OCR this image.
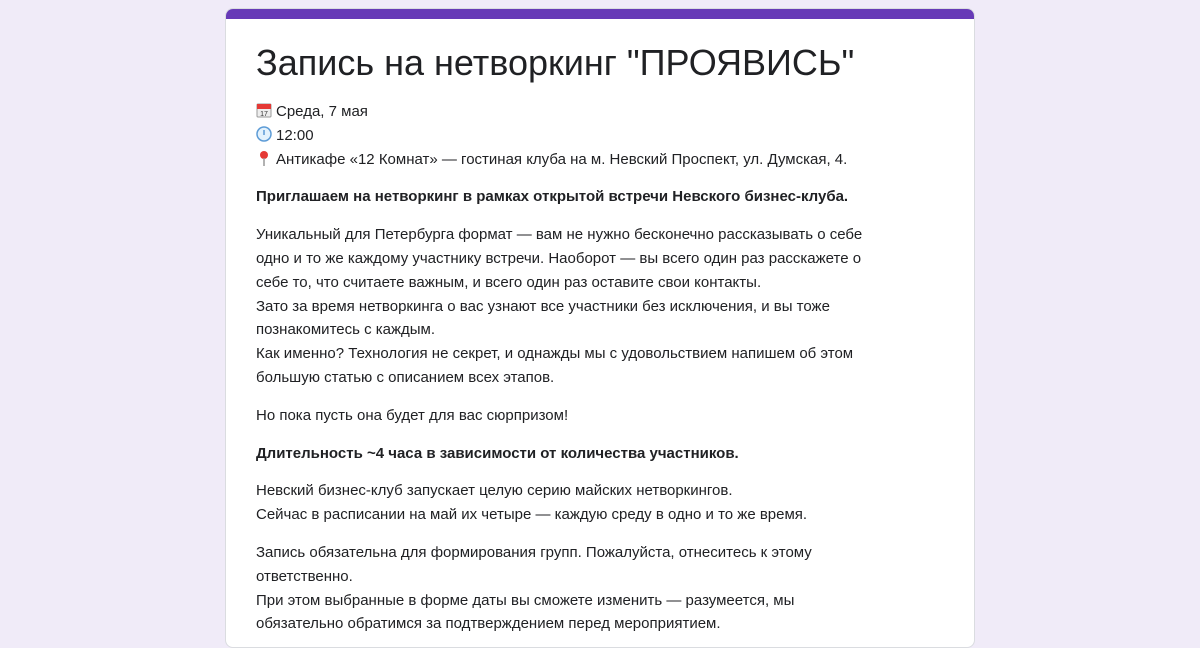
Запись на нетворкинг "ПРОЯВИСЬ"
17 Среда, 7 мая
12:00
Антикафе «12 Комнат» — гостиная клуба на м. Невский Проспект, ул. Думская, 4.
Приглашаем на нетворкинг в рамках открытой встречи Невского бизнес-клуба.
Уникальный для Петербурга формат — вам не нужно бесконечно рассказывать о себе
одно и то же каждому участнику встречи. Наоборот — вы всего один раз расскажете о
себе то, что считаете важным, и всего один раз оставите свои контакты.
Зато за время нетворкинга о вас узнают все участники без исключения, и вы тоже
познакомитесь с каждым.
Как именно? Технология не секрет, и однажды мы с удовольствием напишем об этом
большую статью с описанием всех этапов.
Но пока пусть она будет для вас сюрпризом!
Длительность ~4 часа в зависимости от количества участников.
Невский бизнес-клуб запускает целую серию майских нетворкингов.
Сейчас в расписании на май их четыре — каждую среду в одно и то же время.
Запись обязательна для формирования групп. Пожалуйста, отнеситесь к этому
ответственно.
При этом выбранные в форме даты вы сможете изменить — разумеется, мы
обязательно обратимся за подтверждением перед мероприятием.
